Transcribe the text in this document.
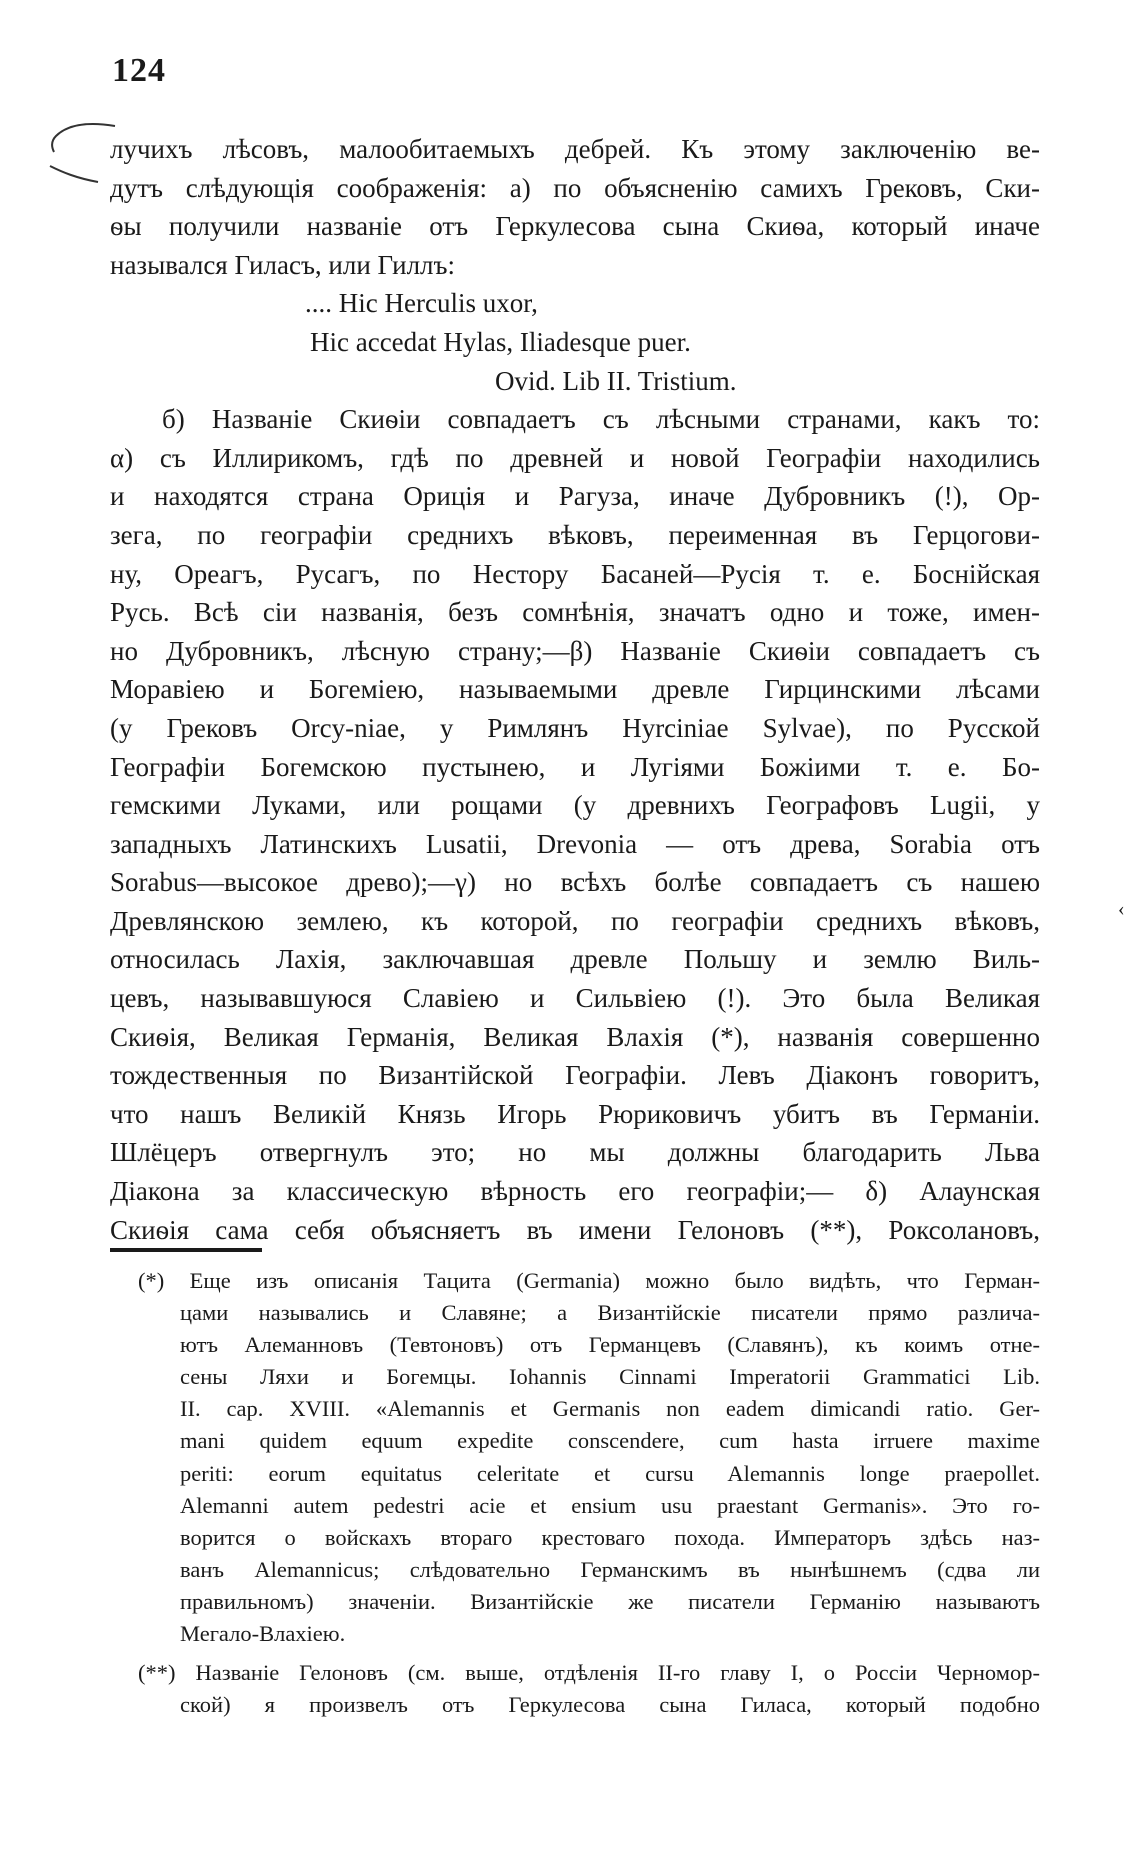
124
‹
лучиxъ лѣсовъ, малообитаемыхъ дебрей. Къ этому заключенію ве-
дутъ слѣдующія соображенія: а) по объясненію самихъ Грековъ, Ски-
ѳы получили названіе отъ Геркулесова сына Скиѳа, который иначе
назывался Гиласъ, или Гиллъ:
.... Hic Herculis uxor,
Hic accedat Hylas, Iliadesque puer.
Ovid. Lib II. Tristium.
б) Названіе Скиѳіи совпадаетъ съ лѣсными странами, какъ то:
α) съ Иллирикомъ, гдѣ по древней и новой Географіи находились
и находятся страна Орицiя и Рагуза, иначе Дубровникъ (!), Ор-
зега, по географіи среднихъ вѣковъ, переименная въ Герцогови-
ну, Ореагъ, Русагъ, по Нестору Басаней—Русія т. е. Боснійская
Русь. Всѣ сіи названія, безъ сомнѣнія, значатъ одно и тоже, имен-
но Дубровникъ, лѣсную страну;—β) Названіе Скиѳіи совпадаетъ съ
Моравіею и Богеміею, называемыми древле Гирцинскими лѣсами
(у Грековъ Orcy-niae, у Римлянъ Hyrciniae Sylvae), по Русской
Географіи Богемскою пустынею, и Лугіями Божіими т. е. Бо-
гемскими Луками, или рощами (у древнихъ Географовъ Lugii, у
западныхъ Латинскихъ Lusatii, Drevonia — отъ древа, Sorabia отъ
Sorabus—высокое древо);—γ) но всѣхъ болѣе совпадаетъ съ нашею
Древлянскою землею, къ которой, по географіи среднихъ вѣковъ,
относилась Лахія, заключавшая древле Польшу и землю Виль-
цевъ, называвшуюся Славіею и Сильвіею (!). Это была Великая
Скиѳія, Великая Германія, Великая Влахія (*), названія совершенно
тождественныя по Византійской Географіи. Левъ Діаконъ говоритъ,
что нашъ Великій Князь Игорь Рюриковичъ убитъ въ Германіи.
Шлёцеръ отвергнулъ это; но мы должны благодарить Льва
Діакона за классическую вѣрность его географіи;— δ) Алаунская
Скиѳія сама себя объясняетъ въ имени Гелоновъ (**), Роксолановъ,
(*) Еще изъ описанія Тацита (Germania) можно было видѣть, что Герман-
цами назывались и Славяне; а Византійскіе писатели прямо различа-
ютъ Алеманновъ (Тевтоновъ) отъ Германцевъ (Славянъ), къ коимъ отне-
сены Ляхи и Богемцы. Iohannis Cinnami Imperatorii Grammatici Lib.
II. cap. XVIII. «Alemannis et Germanis non eadem dimicandi ratio. Ger-
mani quidem equum expedite conscendere, cum hasta irruere maxime
periti: eorum equitatus celeritate et cursu Alemannis longe praepollet.
Alemanni autem pedestri acie et ensium usu praestant Germanis». Это го-
ворится о войскахъ втораго крестоваго похода. Императоръ здѣсь наз-
ванъ Alemannicus; слѣдовательно Германскимъ въ нынѣшнемъ (сдва ли
правильномъ) значеніи. Византійскіе же писатели Германію называютъ
Мегало-Влахіею.
(**) Названіе Гелоновъ (см. выше, отдѣленія II-го главу I, о Россіи Черномор-
ской) я произвелъ отъ Геркулесова сына Гиласа, который подобно
